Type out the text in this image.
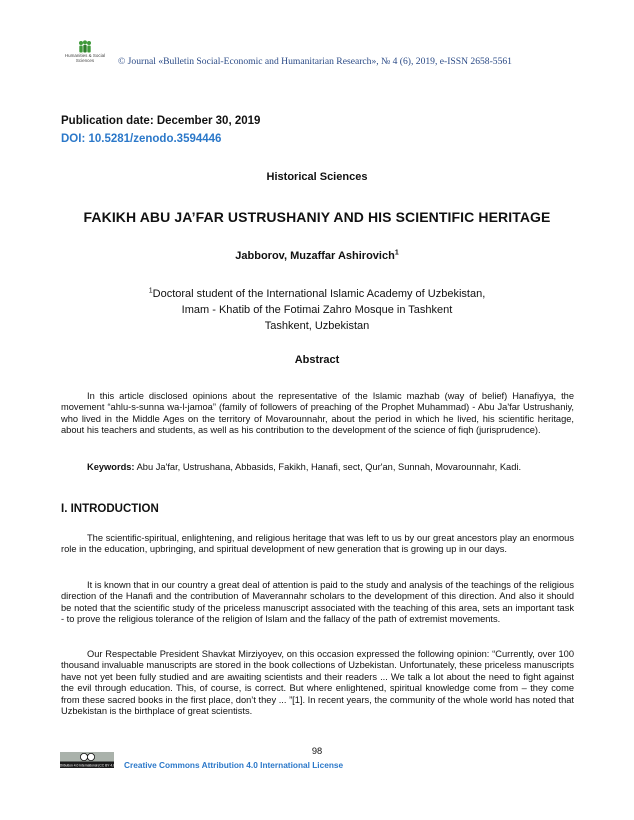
Humanities & Social
Sciences	© Journal «Bulletin Social-Economic and Humanitarian Research», № 4 (6), 2019, e-ISSN 2658-5561
Publication date: December 30, 2019
DOI: 10.5281/zenodo.3594446
Historical Sciences
FAKIKH ABU JA’FAR USTRUSHANIY AND HIS SCIENTIFIC HERITAGE
Jabborov, Muzaffar Ashirovich$^1$
$^1$Doctoral student of the International Islamic Academy of Uzbekistan,
Imam - Khatib of the Fotimai Zahro Mosque in Tashkent
Tashkent, Uzbekistan
Abstract
In this article disclosed opinions about the representative of the Islamic mazhab (way of belief) Hanafiyya, the movement “ahlu-s-sunna wa-l-jamoa” (family of followers of preaching of the Prophet Muhammad) - Abu Ja'far Ustrushaniy, who lived in the Middle Ages on the territory of Movarounnahr, about the period in which he lived, his scientific heritage, about his teachers and students, as well as his contribution to the development of the science of fiqh (jurisprudence).
Keywords: Abu Ja'far, Ustrushana, Abbasids, Fakikh, Hanafi, sect, Qur'an, Sunnah, Movarounnahr, Kadi.
I. INTRODUCTION
The scientific-spiritual, enlightening, and religious heritage that was left to us by our great ancestors play an enormous role in the education, upbringing, and spiritual development of new generation that is growing up in our days.
It is known that in our country a great deal of attention is paid to the study and analysis of the teachings of the religious direction of the Hanafi and the contribution of Maverannahr scholars to the development of this direction. And also it should be noted that the scientific study of the priceless manuscript associated with the teaching of this area, sets an important task - to prove the religious tolerance of the religion of Islam and the fallacy of the path of extremist movements.
Our Respectable President Shavkat Mirziyoyev, on this occasion expressed the following opinion: “Currently, over 100 thousand invaluable manuscripts are stored in the book collections of Uzbekistan. Unfortunately, these priceless manuscripts have not yet been fully studied and are awaiting scientists and their readers ... We talk a lot about the need to fight against the evil through education. This, of course, is correct. But where enlightened, spiritual knowledge come from – they come from these sacred books in the first place, don’t they ... ”[1]. In recent years, the community of the whole world has noted that Uzbekistan is the birthplace of great scientists.
98
Attribution 4.0 International (CC BY 4.0) Creative Commons Attribution 4.0 International License
